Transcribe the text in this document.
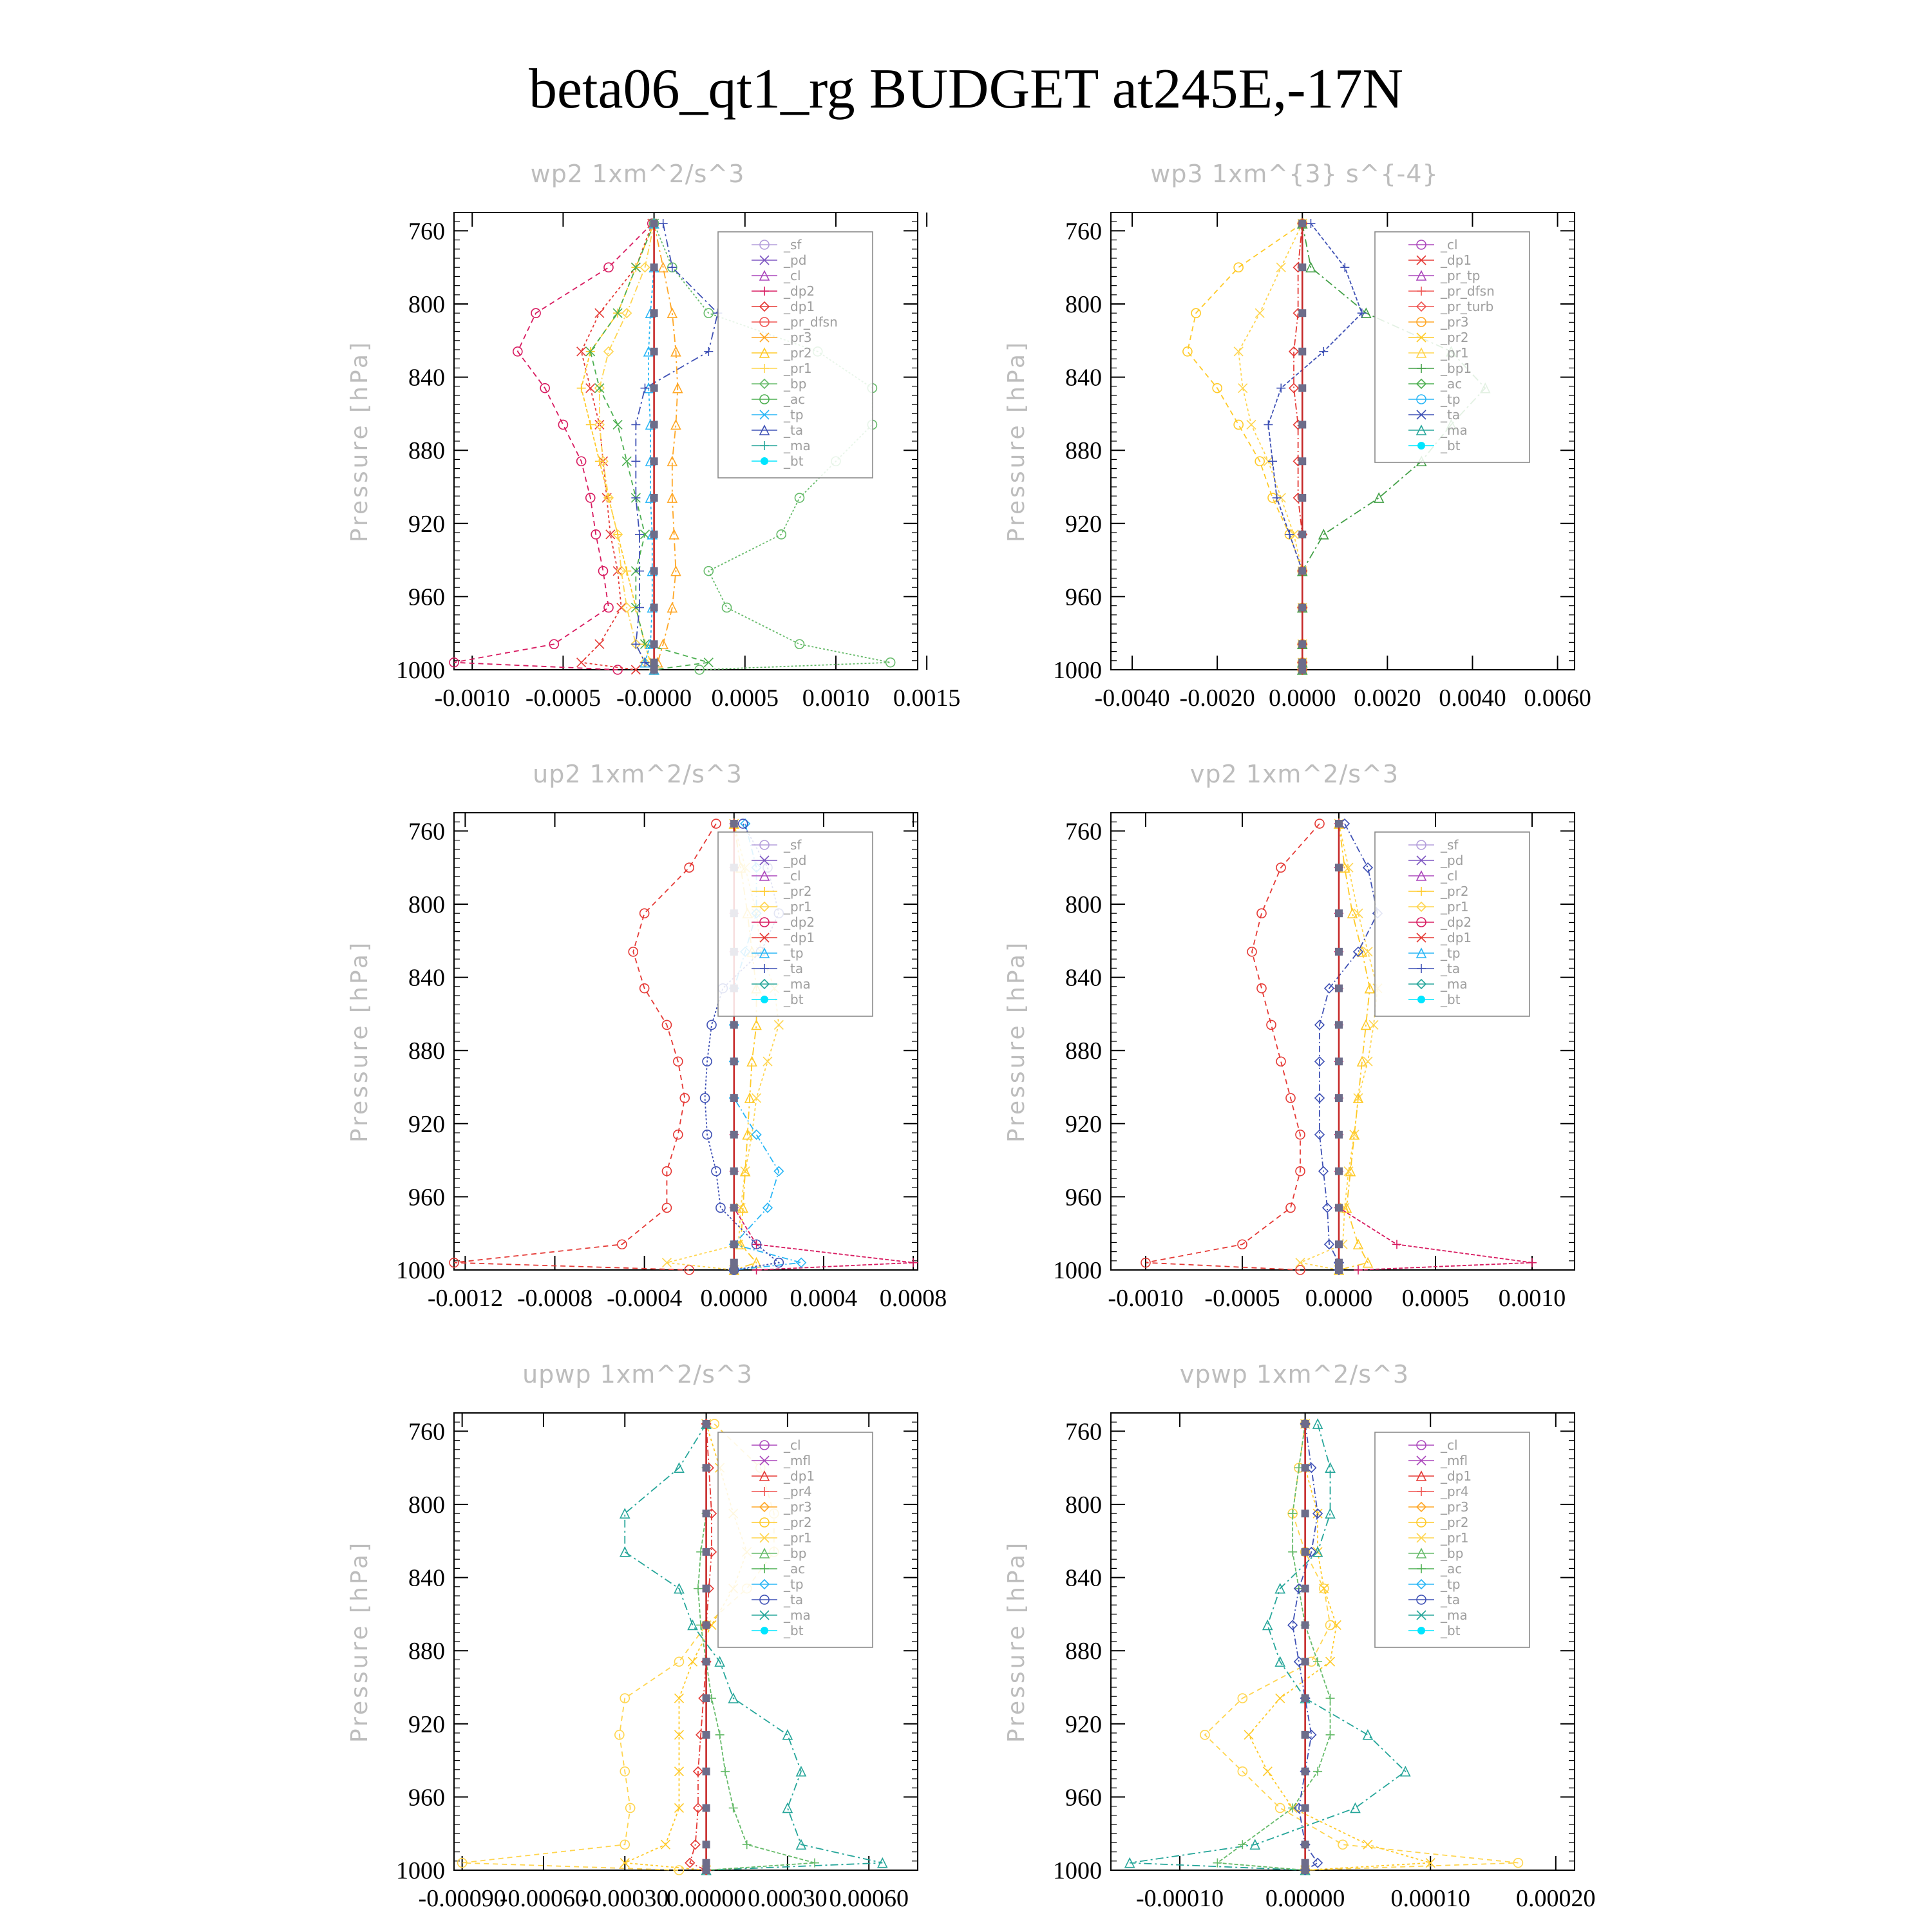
beta06_qt1_rg BUDGET at245E,-17N
wp2 1xm^2/s^3
760
800
840
880
920
960
1000
-0.0010 -0.0005 -0.0000 0.0005 0.0010 0.0015
Pressure [hPa]
_sf
_pd
_cl
_dp2
_dp1
_pr_dfsn
_pr3
_pr2
_pr1
_bp
_ac
_tp
_ta
_ma
_bt
wp3 1xm^{3} s^{-4}
760
800
840
880
920
960
1000
-0.0040 -0.0020 0.0000 0.0020 0.0040 0.0060
Pressure [hPa]
_cl
_dp1
_pr_tp
_pr_dfsn
_pr_turb
_pr3
_pr2
_pr1
_bp1
_ac
_tp
_ta
_ma
_bt
up2 1xm^2/s^3
760
800
840
880
920
960
1000
-0.0012 -0.0008 -0.0004 0.0000 0.0004 0.0008
Pressure [hPa]
_sf
_pd
_cl
_pr2
_pr1
_dp2
_dp1
_tp
_ta
_ma
_bt
vp2 1xm^2/s^3
760
800
840
880
920
960
1000
-0.0010 -0.0005 0.0000 0.0005 0.0010
Pressure [hPa]
_sf
_pd
_cl
_pr2
_pr1
_dp2
_dp1
_tp
_ta
_ma
_bt
upwp 1xm^2/s^3
760
800
840
880
920
960
1000
-0.00090
-0.00060
-0.00030
0.00000 0.00030 0.00060
Pressure [hPa]
_cl
_mfl
_dp1
_pr4
_pr3
_pr2
_pr1
_bp
_ac
_tp
_ta
_ma
_bt
vpwp 1xm^2/s^3
760
800
840
880
920
960
1000
-0.00010 0.00000 0.00010 0.00020
Pressure [hPa]
_cl
_mfl
_dp1
_pr4
_pr3
_pr2
_pr1
_bp
_ac
_tp
_ta
_ma
_bt
